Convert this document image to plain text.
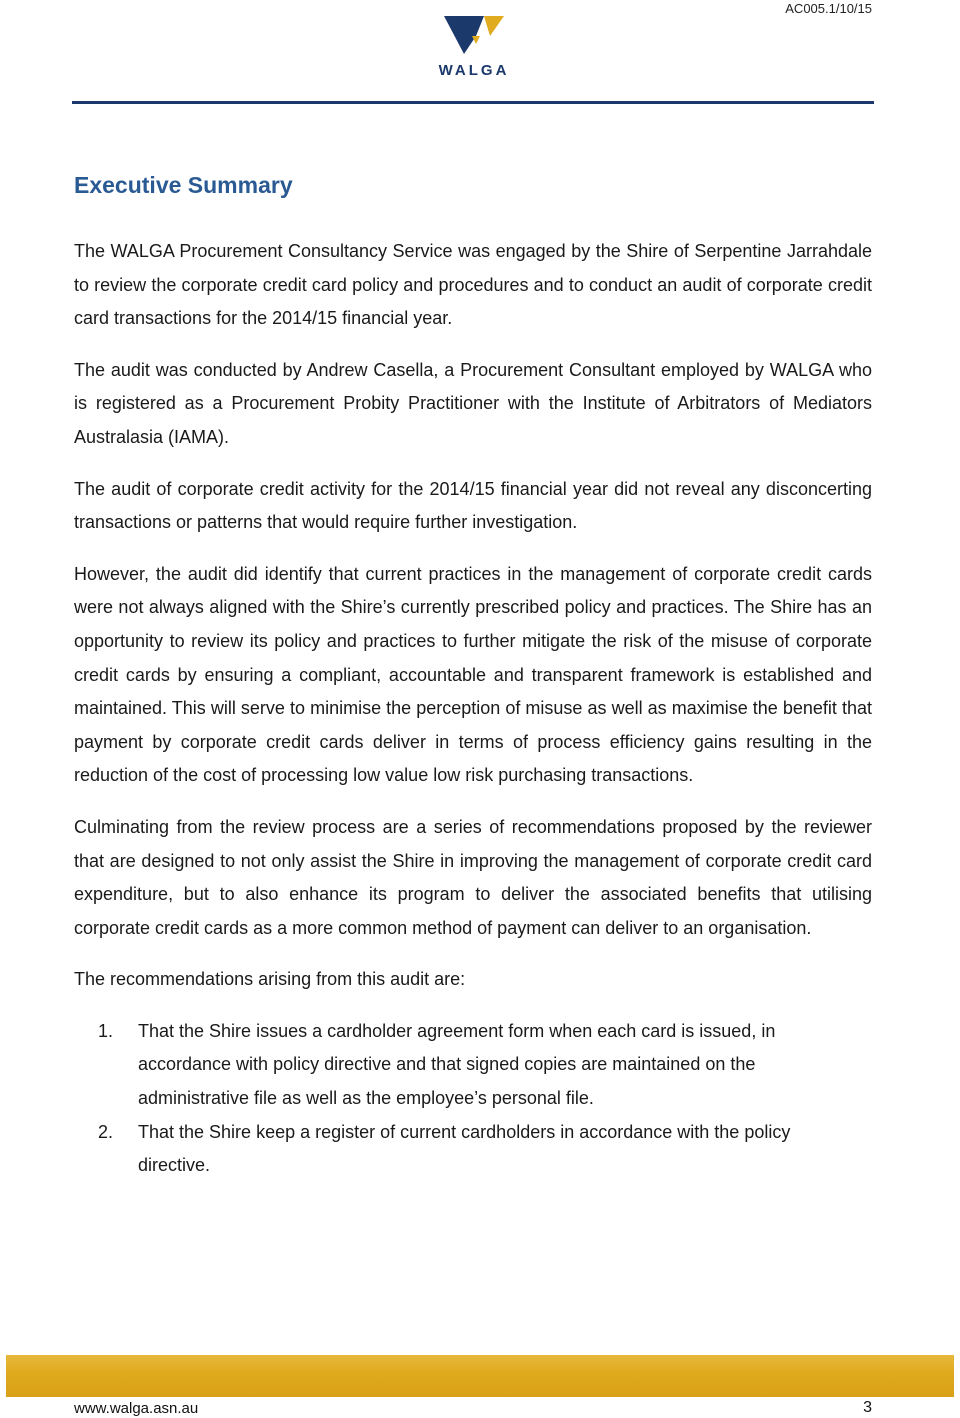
AC005.1/10/15
WALGA
Executive Summary

The WALGA Procurement Consultancy Service was engaged by the Shire of Serpentine Jarrahdale to review the corporate credit card policy and procedures and to conduct an audit of corporate credit card transactions for the 2014/15 financial year.

The audit was conducted by Andrew Casella, a Procurement Consultant employed by WALGA who is registered as a Procurement Probity Practitioner with the Institute of Arbitrators of Mediators Australasia (IAMA).

The audit of corporate credit activity for the 2014/15 financial year did not reveal any disconcerting transactions or patterns that would require further investigation.

However, the audit did identify that current practices in the management of corporate credit cards were not always aligned with the Shire’s currently prescribed policy and practices. The Shire has an opportunity to review its policy and practices to further mitigate the risk of the misuse of corporate credit cards by ensuring a compliant, accountable and transparent framework is established and maintained. This will serve to minimise the perception of misuse as well as maximise the benefit that payment by corporate credit cards deliver in terms of process efficiency gains resulting in the reduction of the cost of processing low value low risk purchasing transactions.

Culminating from the review process are a series of recommendations proposed by the reviewer that are designed to not only assist the Shire in improving the management of corporate credit card expenditure, but to also enhance its program to deliver the associated benefits that utilising corporate credit cards as a more common method of payment can deliver to an organisation.

The recommendations arising from this audit are:

1. That the Shire issues a cardholder agreement form when each card is issued, in accordance with policy directive and that signed copies are maintained on the administrative file as well as the employee’s personal file.
2. That the Shire keep a register of current cardholders in accordance with the policy directive.
www.walga.asn.au	3
